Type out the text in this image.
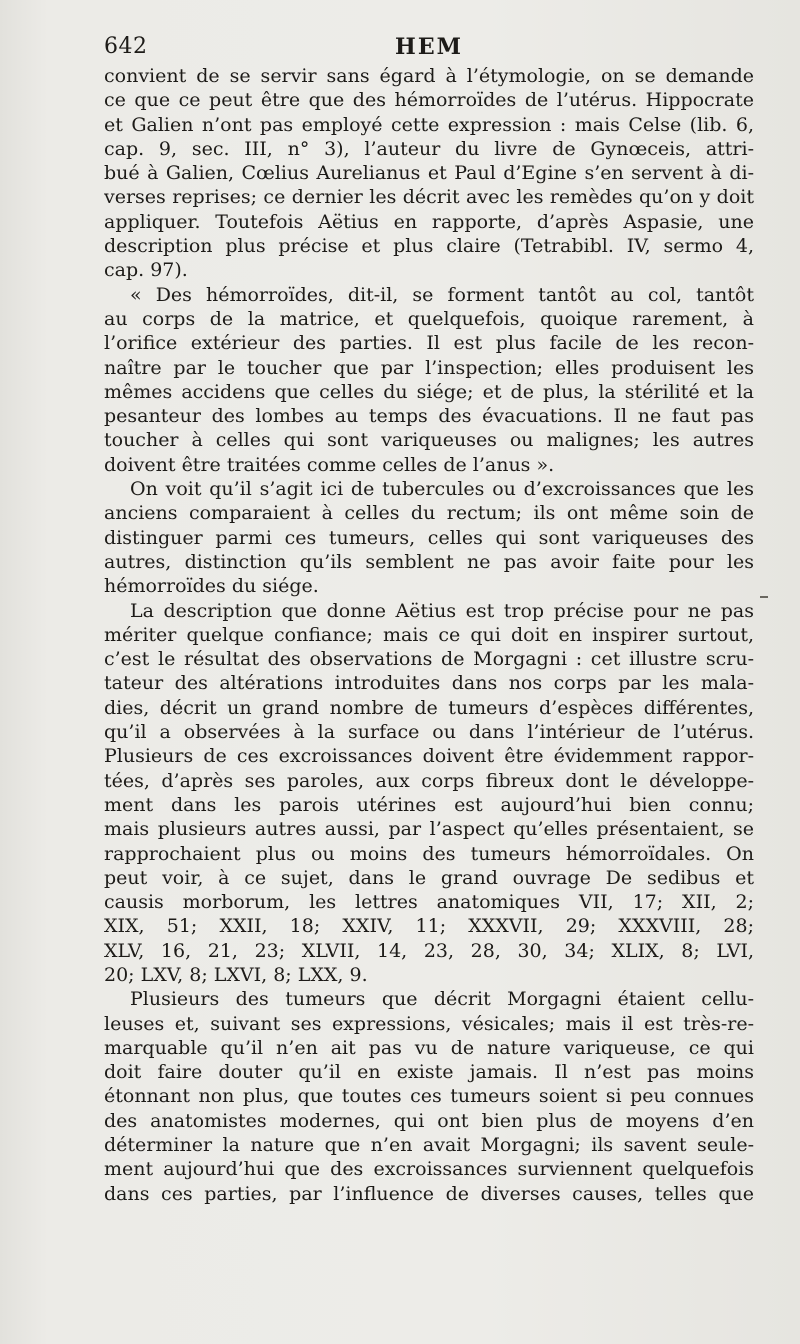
642	HEM
convient de se servir sans égard à l’étymologie, on se demande
ce que ce peut être que des hémorroïdes de l’utérus. Hippocrate
et Galien n’ont pas employé cette expression : mais Celse (lib. 6,
cap. 9, sec. III, n° 3), l’auteur du livre de Gynœceis, attri-
bué à Galien, Cœlius Aurelianus et Paul d’Egine s’en servent à di-
verses reprises; ce dernier les décrit avec les remèdes qu’on y doit
appliquer. Toutefois Aëtius en rapporte, d’après Aspasie, une
description plus précise et plus claire (Tetrabibl. IV, sermo 4,
cap. 97).
« Des hémorroïdes, dit-il, se forment tantôt au col, tantôt
au corps de la matrice, et quelquefois, quoique rarement, à
l’orifice extérieur des parties. Il est plus facile de les recon-
naître par le toucher que par l’inspection; elles produisent les
mêmes accidens que celles du siége; et de plus, la stérilité et la
pesanteur des lombes au temps des évacuations. Il ne faut pas
toucher à celles qui sont variqueuses ou malignes; les autres
doivent être traitées comme celles de l’anus ».
On voit qu’il s’agit ici de tubercules ou d’excroissances que les
anciens comparaient à celles du rectum; ils ont même soin de
distinguer parmi ces tumeurs, celles qui sont variqueuses des
autres, distinction qu’ils semblent ne pas avoir faite pour les
hémorroïdes du siége.
La description que donne Aëtius est trop précise pour ne pas
mériter quelque confiance; mais ce qui doit en inspirer surtout,
c’est le résultat des observations de Morgagni : cet illustre scru-
tateur des altérations introduites dans nos corps par les mala-
dies, décrit un grand nombre de tumeurs d’espèces différentes,
qu’il a observées à la surface ou dans l’intérieur de l’utérus.
Plusieurs de ces excroissances doivent être évidemment rappor-
tées, d’après ses paroles, aux corps fibreux dont le développe-
ment dans les parois utérines est aujourd’hui bien connu;
mais plusieurs autres aussi, par l’aspect qu’elles présentaient, se
rapprochaient plus ou moins des tumeurs hémorroïdales. On
peut voir, à ce sujet, dans le grand ouvrage De sedibus et
causis morborum, les lettres anatomiques VII, 17; XII, 2;
XIX, 51; XXII, 18; XXIV, 11; XXXVII, 29; XXXVIII, 28;
XLV, 16, 21, 23; XLVII, 14, 23, 28, 30, 34; XLIX, 8; LVI,
20; LXV, 8; LXVI, 8; LXX, 9.
Plusieurs des tumeurs que décrit Morgagni étaient cellu-
leuses et, suivant ses expressions, vésicales; mais il est très-re-
marquable qu’il n’en ait pas vu de nature variqueuse, ce qui
doit faire douter qu’il en existe jamais. Il n’est pas moins
étonnant non plus, que toutes ces tumeurs soient si peu connues
des anatomistes modernes, qui ont bien plus de moyens d’en
déterminer la nature que n’en avait Morgagni; ils savent seule-
ment aujourd’hui que des excroissances surviennent quelquefois
dans ces parties, par l’influence de diverses causes, telles que
